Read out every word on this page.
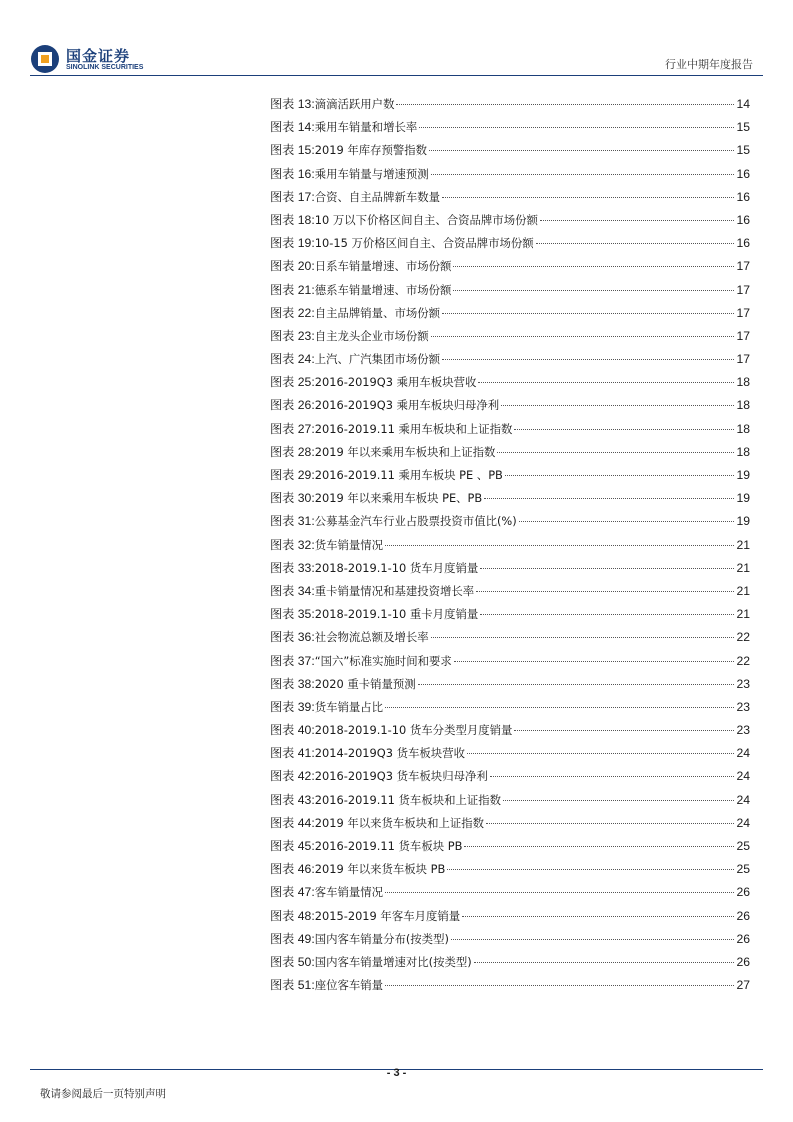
国金证券
SINOLINK SECURITIES	行业中期年度报告
图表 13: 滴滴活跃用户数	14
图表 14: 乘用车销量和增长率	15
图表 15: 2019 年库存预警指数	15
图表 16: 乘用车销量与增速预测	16
图表 17: 合资、自主品牌新车数量	16
图表 18: 10 万以下价格区间自主、合资品牌市场份额	16
图表 19: 10-15 万价格区间自主、合资品牌市场份额	16
图表 20: 日系车销量增速、市场份额	17
图表 21: 德系车销量增速、市场份额	17
图表 22: 自主品牌销量、市场份额	17
图表 23: 自主龙头企业市场份额	17
图表 24: 上汽、广汽集团市场份额	17
图表 25: 2016-2019Q3 乘用车板块营收	18
图表 26: 2016-2019Q3 乘用车板块归母净利	18
图表 27: 2016-2019.11 乘用车板块和上证指数	18
图表 28: 2019 年以来乘用车板块和上证指数	18
图表 29: 2016-2019.11 乘用车板块 PE 、PB	19
图表 30: 2019 年以来乘用车板块 PE、PB	19
图表 31: 公募基金汽车行业占股票投资市值比(%)	19
图表 32: 货车销量情况	21
图表 33: 2018-2019.1-10 货车月度销量	21
图表 34: 重卡销量情况和基建投资增长率	21
图表 35: 2018-2019.1-10 重卡月度销量	21
图表 36: 社会物流总额及增长率	22
图表 37: “国六”标准实施时间和要求	22
图表 38: 2020 重卡销量预测	23
图表 39: 货车销量占比	23
图表 40: 2018-2019.1-10 货车分类型月度销量	23
图表 41: 2014-2019Q3 货车板块营收	24
图表 42: 2016-2019Q3 货车板块归母净利	24
图表 43: 2016-2019.11 货车板块和上证指数	24
图表 44: 2019 年以来货车板块和上证指数	24
图表 45: 2016-2019.11 货车板块 PB	25
图表 46: 2019 年以来货车板块 PB	25
图表 47: 客车销量情况	26
图表 48: 2015-2019 年客车月度销量	26
图表 49: 国内客车销量分布(按类型)	26
图表 50: 国内客车销量增速对比(按类型)	26
图表 51: 座位客车销量	27
- 3 -
敬请参阅最后一页特别声明
